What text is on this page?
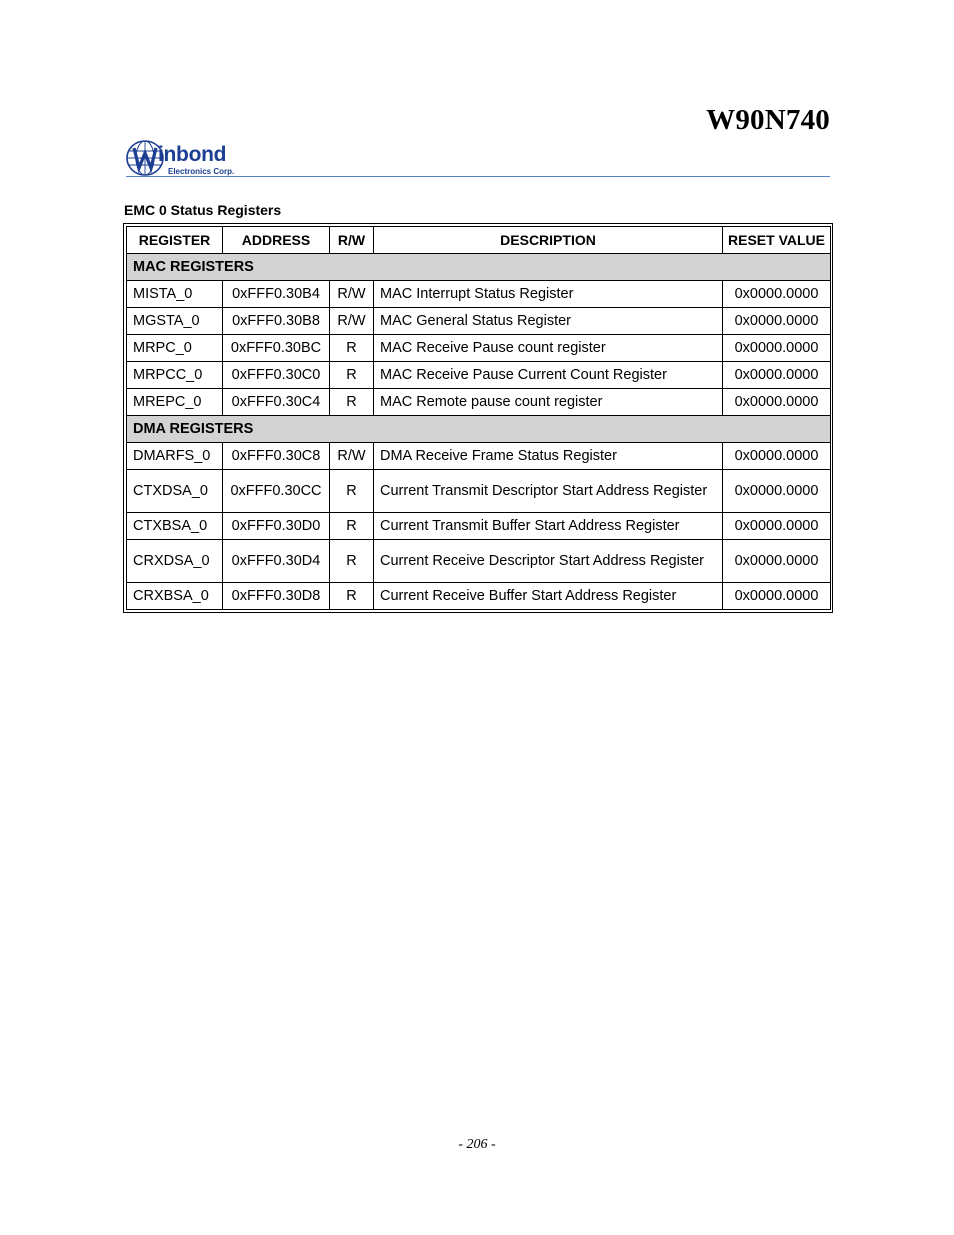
W90N740
inbond
Electronics Corp.
EMC 0 Status Registers
REGISTER	ADDRESS	R/W	DESCRIPTION	RESET VALUE
MAC REGISTERS				
MISTA_0	0xFFF0.30B4	R/W	MAC Interrupt Status Register	0x0000.0000
MGSTA_0	0xFFF0.30B8	R/W	MAC General Status Register	0x0000.0000
MRPC_0	0xFFF0.30BC	R	MAC Receive Pause count register	0x0000.0000
MRPCC_0	0xFFF0.30C0	R	MAC Receive Pause Current Count Register	0x0000.0000
MREPC_0	0xFFF0.30C4	R	MAC Remote pause count register	0x0000.0000
DMA REGISTERS				
DMARFS_0	0xFFF0.30C8	R/W	DMA Receive Frame Status Register	0x0000.0000
CTXDSA_0	0xFFF0.30CC	R	Current Transmit Descriptor Start Address Register	0x0000.0000
CTXBSA_0	0xFFF0.30D0	R	Current Transmit Buffer Start Address Register	0x0000.0000
CRXDSA_0	0xFFF0.30D4	R	Current Receive Descriptor Start Address Register	0x0000.0000
CRXBSA_0	0xFFF0.30D8	R	Current Receive Buffer Start Address Register	0x0000.0000
- 206 -
